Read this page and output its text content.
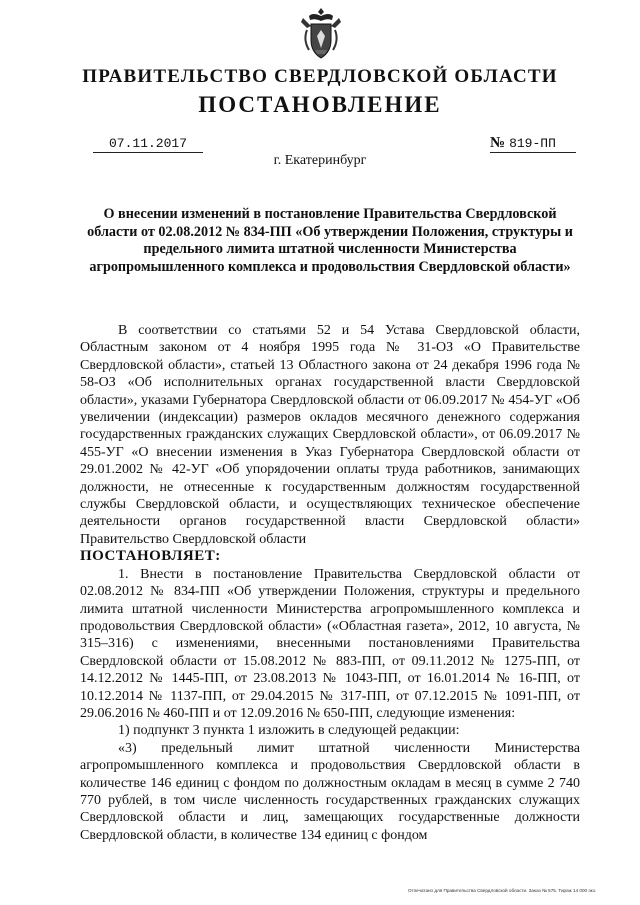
ПРАВИТЕЛЬСТВО СВЕРДЛОВСКОЙ ОБЛАСТИ
ПОСТАНОВЛЕНИЕ
07.11.2017	№ 819-ПП
г. Екатеринбург
О внесении изменений в постановление Правительства Свердловской области от 02.08.2012 № 834-ПП «Об утверждении Положения, структуры и предельного лимита штатной численности Министерства агропромышленного комплекса и продовольствия Свердловской области»

В соответствии со статьями 52 и 54 Устава Свердловской области, Областным законом от 4 ноября 1995 года № 31-ОЗ «О Правительстве Свердловской области», статьей 13 Областного закона от 24 декабря 1996 года № 58-ОЗ «Об исполнительных органах государственной власти Свердловской области», указами Губернатора Свердловской области от 06.09.2017 № 454-УГ «Об увеличении (индексации) размеров окладов месячного денежного содержания государственных гражданских служащих Свердловской области», от 06.09.2017 № 455-УГ «О внесении изменения в Указ Губернатора Свердловской области от 29.01.2002 № 42-УГ «Об упорядочении оплаты труда работников, занимающих должности, не отнесенные к государственным должностям государственной службы Свердловской области, и осуществляющих техническое обеспечение деятельности органов государственной власти Свердловской области» Правительство Свердловской области

ПОСТАНОВЛЯЕТ:

1. Внести в постановление Правительства Свердловской области от 02.08.2012 № 834-ПП «Об утверждении Положения, структуры и предельного лимита штатной численности Министерства агропромышленного комплекса и продовольствия Свердловской области» («Областная газета», 2012, 10 августа, № 315–316) с изменениями, внесенными постановлениями Правительства Свердловской области от 15.08.2012 № 883-ПП, от 09.11.2012 № 1275-ПП, от 14.12.2012 № 1445-ПП, от 23.08.2013 № 1043-ПП, от 16.01.2014 № 16-ПП, от 10.12.2014 № 1137-ПП, от 29.04.2015 № 317-ПП, от 07.12.2015 № 1091-ПП, от 29.06.2016 № 460-ПП и от 12.09.2016 № 650-ПП, следующие изменения:

1) подпункт 3 пункта 1 изложить в следующей редакции:

«3) предельный лимит штатной численности Министерства агропромышленного комплекса и продовольствия Свердловской области в количестве 146 единиц с фондом по должностным окладам в месяц в сумме 2 740 770 рублей, в том числе численность государственных гражданских служащих Свердловской области и лиц, замещающих государственные должности Свердловской области, в количестве 134 единиц с фондом

Отпечатано для Правительства Свердловской области. Заказ № 575. Тираж 14 000 экз.
